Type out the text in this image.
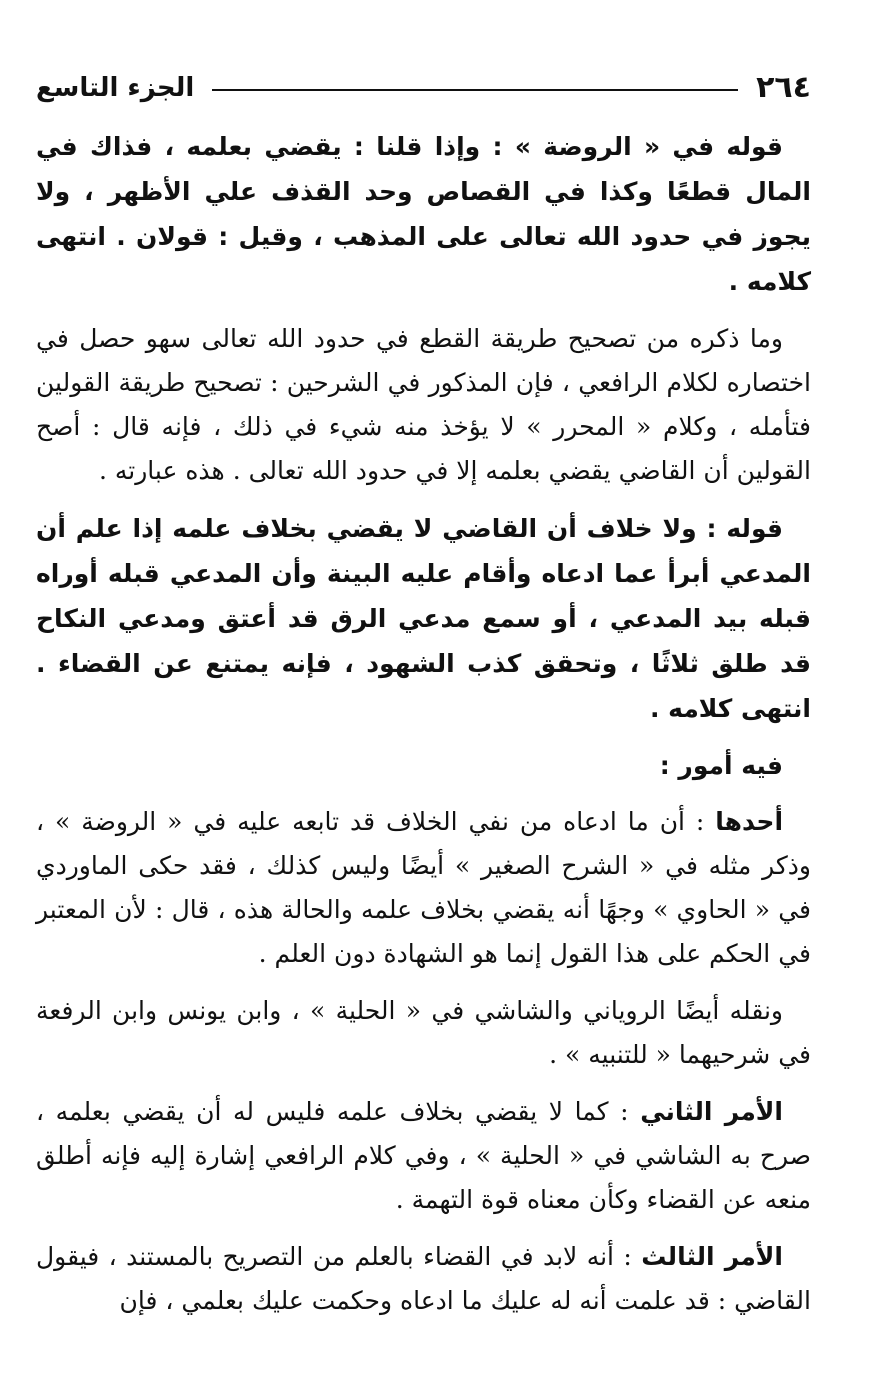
٢٦٤
الجزء التاسع

قوله في « الروضة » : وإذا قلنا : يقضي بعلمه ، فذاك في المال قطعًا وكذا في القصاص وحد القذف علي الأظهر ، ولا يجوز في حدود الله تعالى على المذهب ، وقيل : قولان . انتهى كلامه .

وما ذكره من تصحيح طريقة القطع في حدود الله تعالى سهو حصل في اختصاره لكلام الرافعي ، فإن المذكور في الشرحين : تصحيح طريقة القولين فتأمله ، وكلام « المحرر » لا يؤخذ منه شيء في ذلك ، فإنه قال : أصح القولين أن القاضي يقضي بعلمه إلا في حدود الله تعالى . هذه عبارته .

قوله : ولا خلاف أن القاضي لا يقضي بخلاف علمه إذا علم أن المدعي أبرأ عما ادعاه وأقام عليه البينة وأن المدعي قبله أوراه قبله بيد المدعي ، أو سمع مدعي الرق قد أعتق ومدعي النكاح قد طلق ثلاثًا ، وتحقق كذب الشهود ، فإنه يمتنع عن القضاء . انتهى كلامه .

فيه أمور :

أحدها : أن ما ادعاه من نفي الخلاف قد تابعه عليه في « الروضة » ، وذكر مثله في « الشرح الصغير » أيضًا وليس كذلك ، فقد حكى الماوردي في « الحاوي » وجهًا أنه يقضي بخلاف علمه والحالة هذه ، قال : لأن المعتبر في الحكم على هذا القول إنما هو الشهادة دون العلم .

ونقله أيضًا الروياني والشاشي في « الحلية » ، وابن يونس وابن الرفعة في شرحيهما « للتنبيه » .

الأمر الثاني : كما لا يقضي بخلاف علمه فليس له أن يقضي بعلمه ، صرح به الشاشي في « الحلية » ، وفي كلام الرافعي إشارة إليه فإنه أطلق منعه عن القضاء وكأن معناه قوة التهمة .

الأمر الثالث : أنه لابد في القضاء بالعلم من التصريح بالمستند ، فيقول القاضي : قد علمت أنه له عليك ما ادعاه وحكمت عليك بعلمي ، فإن
